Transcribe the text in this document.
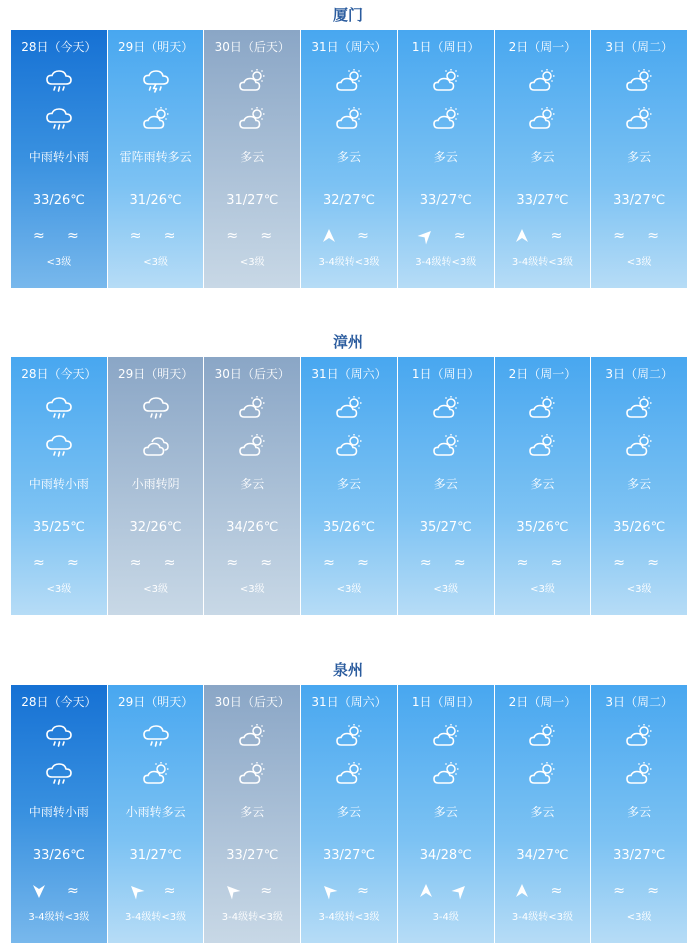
厦门
28日（今天）
中雨转小雨
33/26℃
≈ ≈
<3级
29日（明天）
雷阵雨转多云
31/26℃
≈ ≈
<3级
30日（后天）
多云
31/27℃
≈ ≈
<3级
31日（周六）
多云
32/27℃
≈
3-4级转<3级
1日（周日）
多云
33/27℃
≈
3-4级转<3级
2日（周一）
多云
33/27℃
≈
3-4级转<3级
3日（周二）
多云
33/27℃
≈ ≈
<3级
漳州
28日（今天）
中雨转小雨
35/25℃
≈ ≈
<3级
29日（明天）
小雨转阴
32/26℃
≈ ≈
<3级
30日（后天）
多云
34/26℃
≈ ≈
<3级
31日（周六）
多云
35/26℃
≈ ≈
<3级
1日（周日）
多云
35/27℃
≈ ≈
<3级
2日（周一）
多云
35/26℃
≈ ≈
<3级
3日（周二）
多云
35/26℃
≈ ≈
<3级
泉州
28日（今天）
中雨转小雨
33/26℃
≈
3-4级转<3级
29日（明天）
小雨转多云
31/27℃
≈
3-4级转<3级
30日（后天）
多云
33/27℃
≈
3-4级转<3级
31日（周六）
多云
33/27℃
≈
3-4级转<3级
1日（周日）
多云
34/28℃
3-4级
2日（周一）
多云
34/27℃
≈
3-4级转<3级
3日（周二）
多云
33/27℃
≈ ≈
<3级
